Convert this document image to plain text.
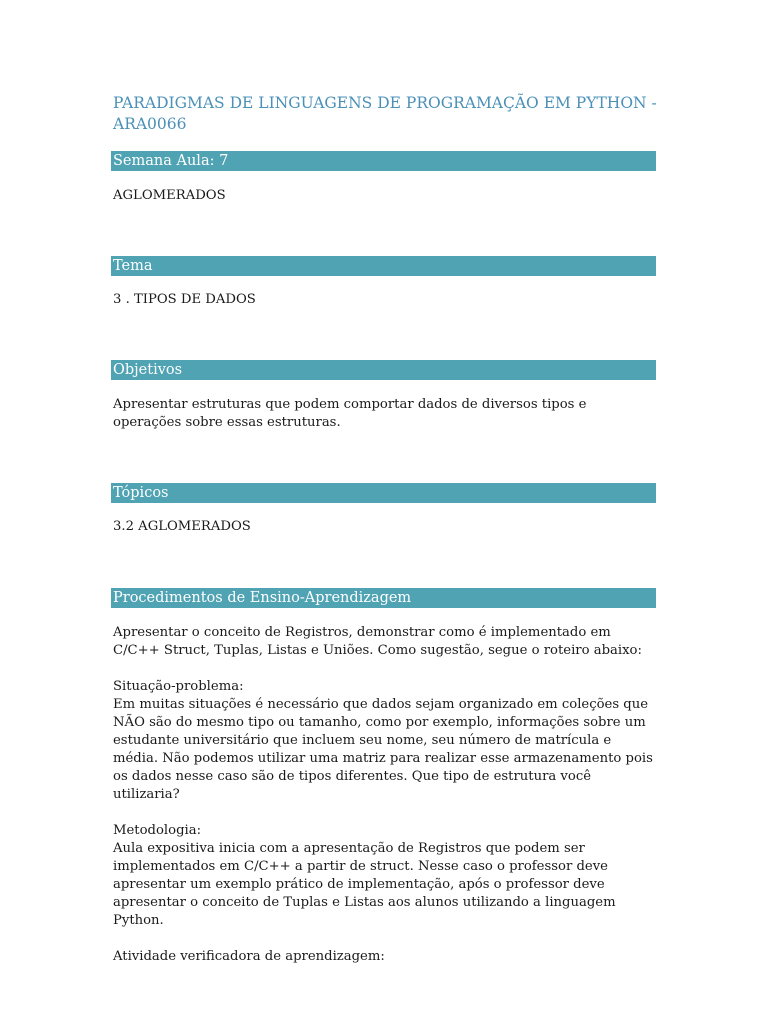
PARADIGMAS DE LINGUAGENS DE PROGRAMAÇÃO EM PYTHON - ARA0066
Semana Aula: 7

AGLOMERADOS

Tema

3 . TIPOS DE DADOS

Objetivos

Apresentar estruturas que podem comportar dados de diversos tipos e operações sobre essas estruturas.

Tópicos

3.2 AGLOMERADOS

Procedimentos de Ensino-Aprendizagem

Apresentar o conceito de Registros, demonstrar como é implementado em C/C++ Struct, Tuplas, Listas e Uniões. Como sugestão, segue o roteiro abaixo:

Situação-problema:
Em muitas situações é necessário que dados sejam organizado em coleções que NÃO são do mesmo tipo ou tamanho, como por exemplo, informações sobre um estudante universitário que incluem seu nome, seu número de matrícula e média. Não podemos utilizar uma matriz para realizar esse armazenamento pois os dados nesse caso são de tipos diferentes. Que tipo de estrutura você utilizaria?
Metodologia:
Aula expositiva inicia com a apresentação de Registros que podem ser implementados em C/C++ a partir de struct. Nesse caso o professor deve apresentar um exemplo prático de implementação, após o professor deve apresentar o conceito de Tuplas e Listas aos alunos utilizando a linguagem Python.

Atividade verificadora de aprendizagem:
